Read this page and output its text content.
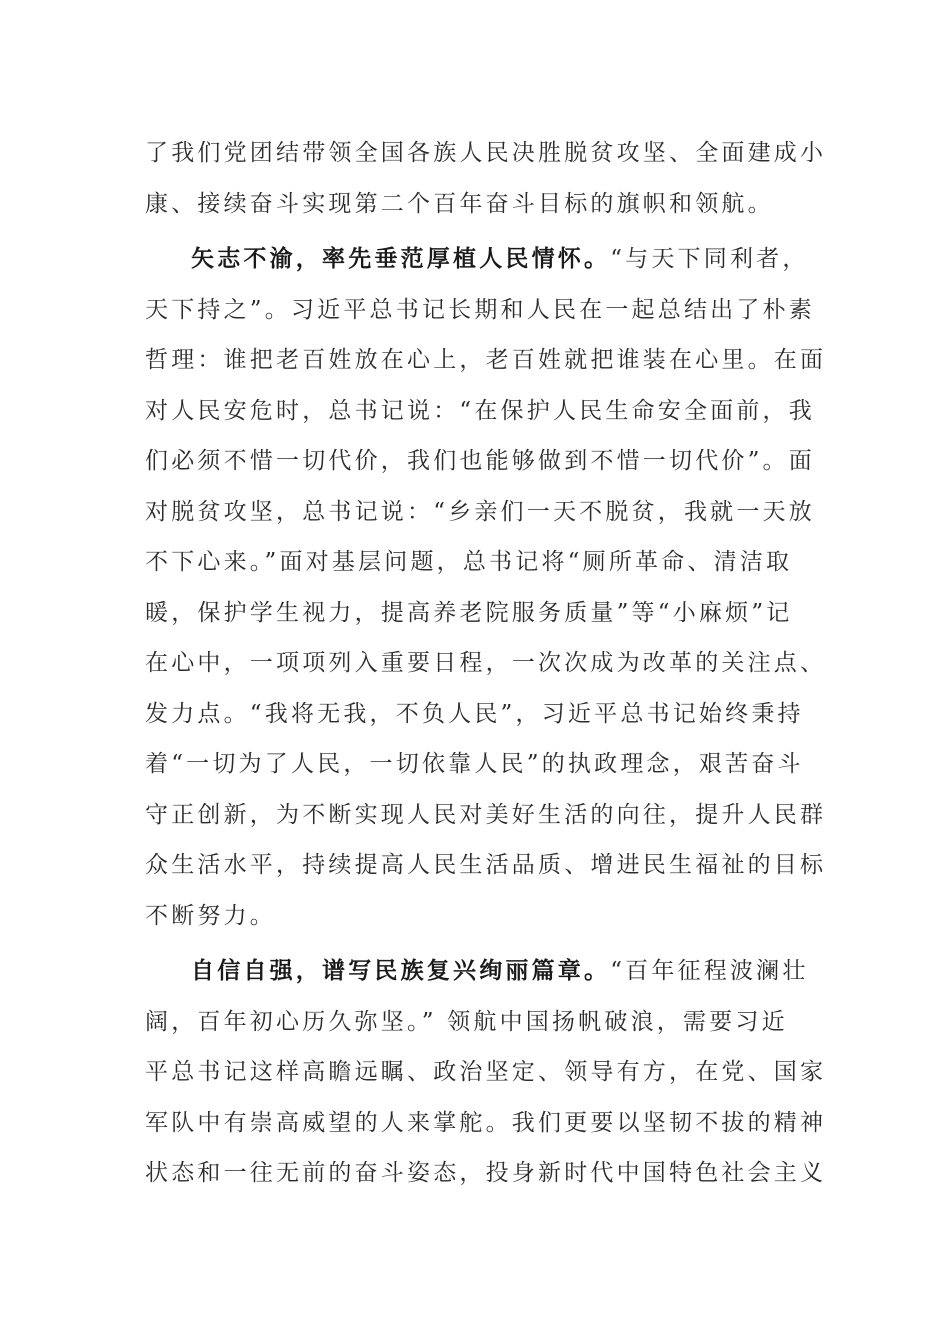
了我们党团结带领全国各族人民决胜脱贫攻坚、全面建成小
康、接续奋斗实现第二个百年奋斗目标的旗帜和领航。
矢志不渝，率先垂范厚植人民情怀。“与天下同利者，
天下持之”。习近平总书记长期和人民在一起总结出了朴素
哲理：谁把老百姓放在心上，老百姓就把谁装在心里。在面
对人民安危时，总书记说：“在保护人民生命安全面前，我
们必须不惜一切代价，我们也能够做到不惜一切代价”。面
对脱贫攻坚，总书记说：“乡亲们一天不脱贫，我就一天放
不下心来。”面对基层问题，总书记将“厕所革命、清洁取
暖，保护学生视力，提高养老院服务质量”等“小麻烦”记
在心中，一项项列入重要日程，一次次成为改革的关注点、
发力点。“我将无我，不负人民”，习近平总书记始终秉持
着“一切为了人民，一切依靠人民”的执政理念，艰苦奋斗
守正创新，为不断实现人民对美好生活的向往，提升人民群
众生活水平，持续提高人民生活品质、增进民生福祉的目标
不断努力。
自信自强，谱写民族复兴绚丽篇章。“百年征程波澜壮
阔，百年初心历久弥坚。” 领航中国扬帆破浪，需要习近
平总书记这样高瞻远瞩、政治坚定、领导有方，在党、国家
军队中有崇高威望的人来掌舵。我们更要以坚韧不拔的精神
状态和一往无前的奋斗姿态，投身新时代中国特色社会主义
